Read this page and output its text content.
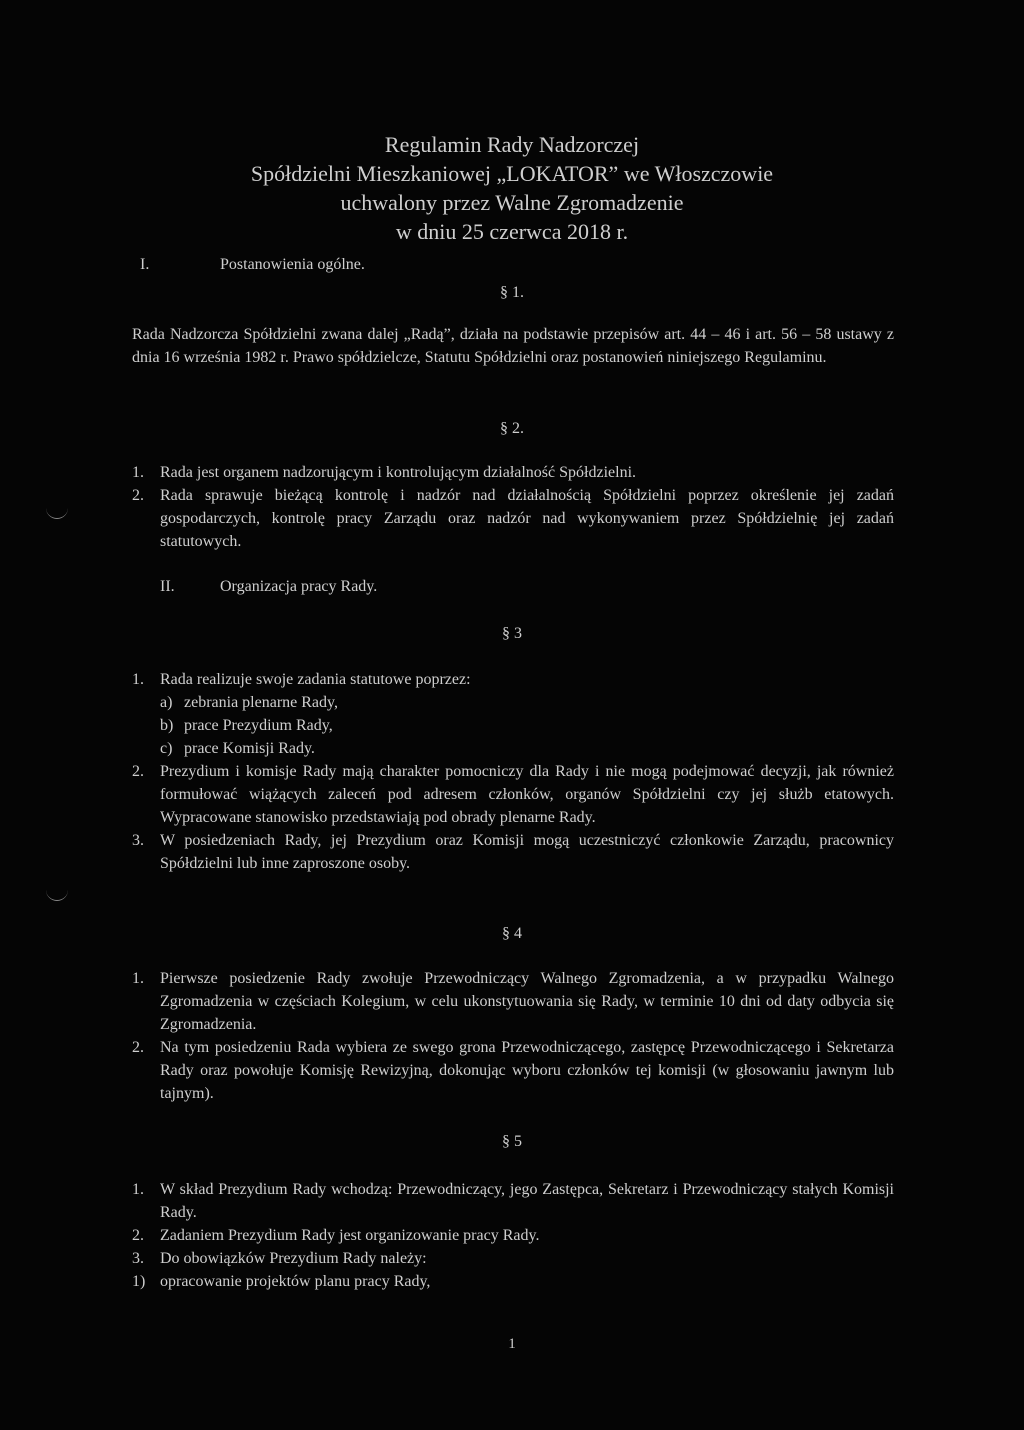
Regulamin Rady Nadzorczej
Spółdzielni Mieszkaniowej „LOKATOR” we Włoszczowie
uchwalony przez Walne Zgromadzenie
w dniu 25 czerwca 2018 r.
I.	Postanowienia ogólne.
§ 1.

Rada Nadzorcza Spółdzielni zwana dalej „Radą”, działa na podstawie przepisów art. 44 – 46 i art. 56 – 58 ustawy z dnia 16 września 1982 r. Prawo spółdzielcze, Statutu Spółdzielni oraz postanowień niniejszego Regulaminu.

§ 2.

1. Rada jest organem nadzorującym i kontrolującym działalność Spółdzielni.

2. Rada sprawuje bieżącą kontrolę i nadzór nad działalnością Spółdzielni poprzez określenie jej zadań gospodarczych, kontrolę pracy Zarządu oraz nadzór nad wykonywaniem przez Spółdzielnię jej zadań statutowych.

II.	Organizacja pracy Rady.
§ 3

1. Rada realizuje swoje zadania statutowe poprzez:

a) zebrania plenarne Rady,

b) prace Prezydium Rady,

c) prace Komisji Rady.

2. Prezydium i komisje Rady mają charakter pomocniczy dla Rady i nie mogą podejmować decyzji, jak również formułować wiążących zaleceń pod adresem członków, organów Spółdzielni czy jej służb etatowych. Wypracowane stanowisko przedstawiają pod obrady plenarne Rady.

3. W posiedzeniach Rady, jej Prezydium oraz Komisji mogą uczestniczyć członkowie Zarządu, pracownicy Spółdzielni lub inne zaproszone osoby.

§ 4

1. Pierwsze posiedzenie Rady zwołuje Przewodniczący Walnego Zgromadzenia, a w przypadku Walnego Zgromadzenia w częściach Kolegium, w celu ukonstytuowania się Rady, w terminie 10 dni od daty odbycia się Zgromadzenia.

2. Na tym posiedzeniu Rada wybiera ze swego grona Przewodniczącego, zastępcę Przewodniczącego i Sekretarza Rady oraz powołuje Komisję Rewizyjną, dokonując wyboru członków tej komisji (w głosowaniu jawnym lub tajnym).

§ 5

1. W skład Prezydium Rady wchodzą: Przewodniczący, jego Zastępca, Sekretarz i Przewodniczący stałych Komisji Rady.

2. Zadaniem Prezydium Rady jest organizowanie pracy Rady.

3. Do obowiązków Prezydium Rady należy:

1) opracowanie projektów planu pracy Rady,

1
